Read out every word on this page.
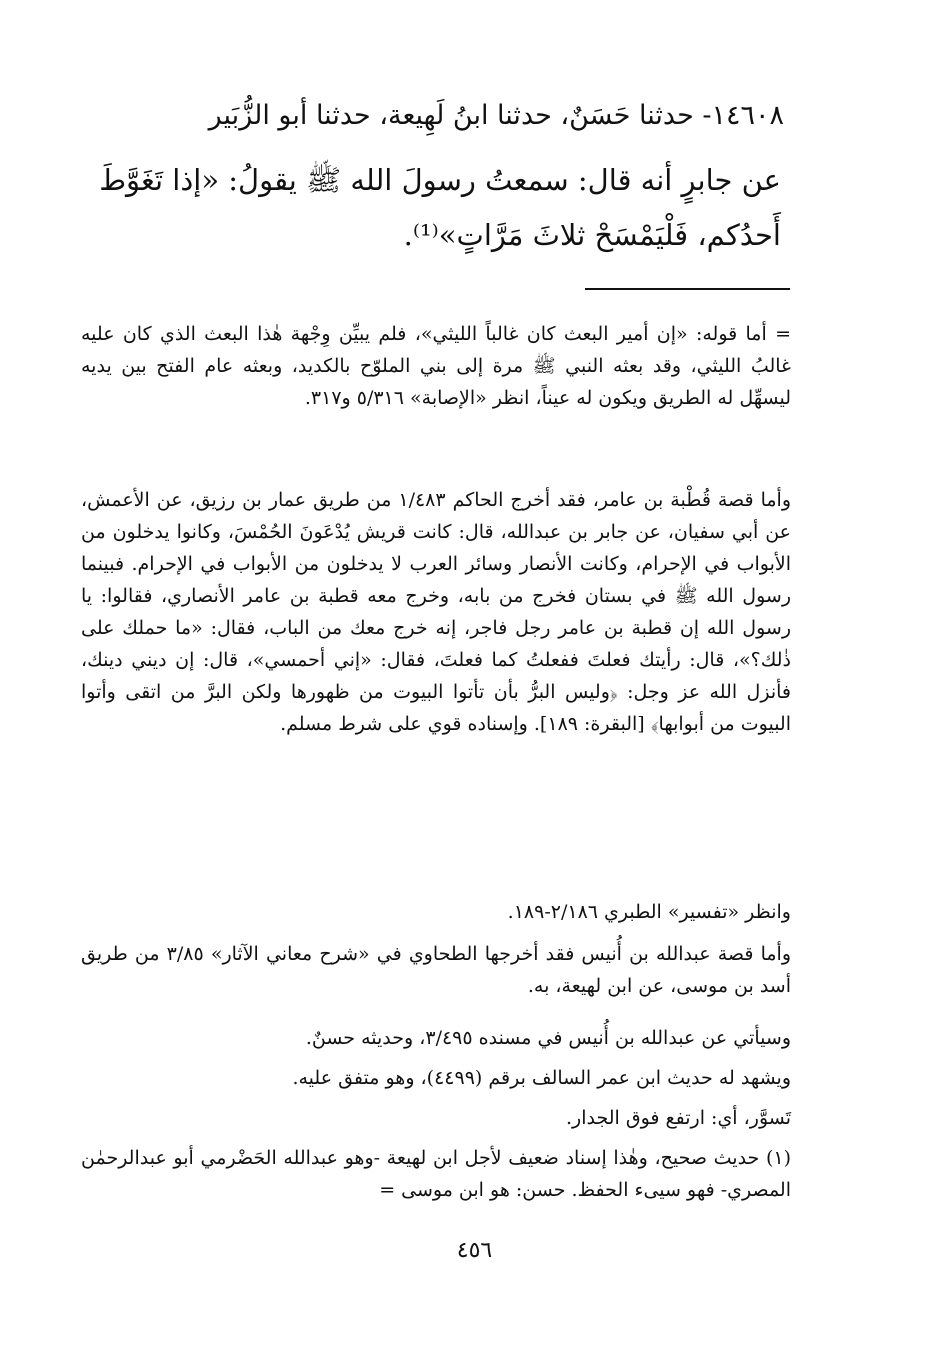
١٤٦٠٨- حدثنا حَسَنٌ، حدثنا ابنُ لَهِيعة، حدثنا أبو الزُّبَير
عن جابرٍ أنه قال: سمعتُ رسولَ الله ﷺ يقولُ: «إذا تَغَوَّطَ
أَحدُكم، فَلْيَمْسَحْ ثلاثَ مَرَّاتٍ»⁽¹⁾.

= أما قوله: «إن أمير البعث كان غالباً الليثي»، فلم يبيِّن وِجْهة هٰذا البعث الذي كان عليه غالبُ الليثي، وقد بعثه النبي ﷺ مرة إلى بني الملوّح بالكديد، وبعثه عام الفتح بين يديه ليسهِّل له الطريق ويكون له عيناً، انظر «الإصابة» ٥/٣١٦ و٣١٧.

وأما قصة قُطْبة بن عامر، فقد أخرج الحاكم ١/٤٨٣ من طريق عمار بن رزيق، عن الأعمش، عن أبي سفيان، عن جابر بن عبدالله، قال: كانت قريش يُدْعَونَ الحُمْسَ، وكانوا يدخلون من الأبواب في الإحرام، وكانت الأنصار وسائر العرب لا يدخلون من الأبواب في الإحرام. فبينما رسول الله ﷺ في بستان فخرج من بابه، وخرج معه قطبة بن عامر الأنصاري، فقالوا: يا رسول الله إن قطبة بن عامر رجل فاجر، إنه خرج معك من الباب، فقال: «ما حملك على ذٰلك؟»، قال: رأيتك فعلتَ ففعلتُ كما فعلتَ، فقال: «إني أحمسي»، قال: إن ديني دينك، فأنزل الله عز وجل: ﴿وليس البرُّ بأن تأتوا البيوت من ظهورها ولكن البرَّ من اتقى وأتوا البيوت من أبوابها﴾ [البقرة: ١٨٩]. وإسناده قوي على شرط مسلم.

وانظر «تفسير» الطبري ٢/١٨٦-١٨٩.

وأما قصة عبدالله بن أُنيس فقد أخرجها الطحاوي في «شرح معاني الآثار» ٣/٨٥ من طريق أسد بن موسى، عن ابن لهيعة، به.

وسيأتي عن عبدالله بن أُنيس في مسنده ٣/٤٩٥، وحديثه حسنٌ.

ويشهد له حديث ابن عمر السالف برقم (٤٤٩٩)، وهو متفق عليه.

تَسوَّر، أي: ارتفع فوق الجدار.

(١) حديث صحيح، وهٰذا إسناد ضعيف لأجل ابن لهيعة -وهو عبدالله الحَضْرمي أبو عبدالرحمٰن المصري- فهو سيىء الحفظ. حسن: هو ابن موسى =

٤٥٦
